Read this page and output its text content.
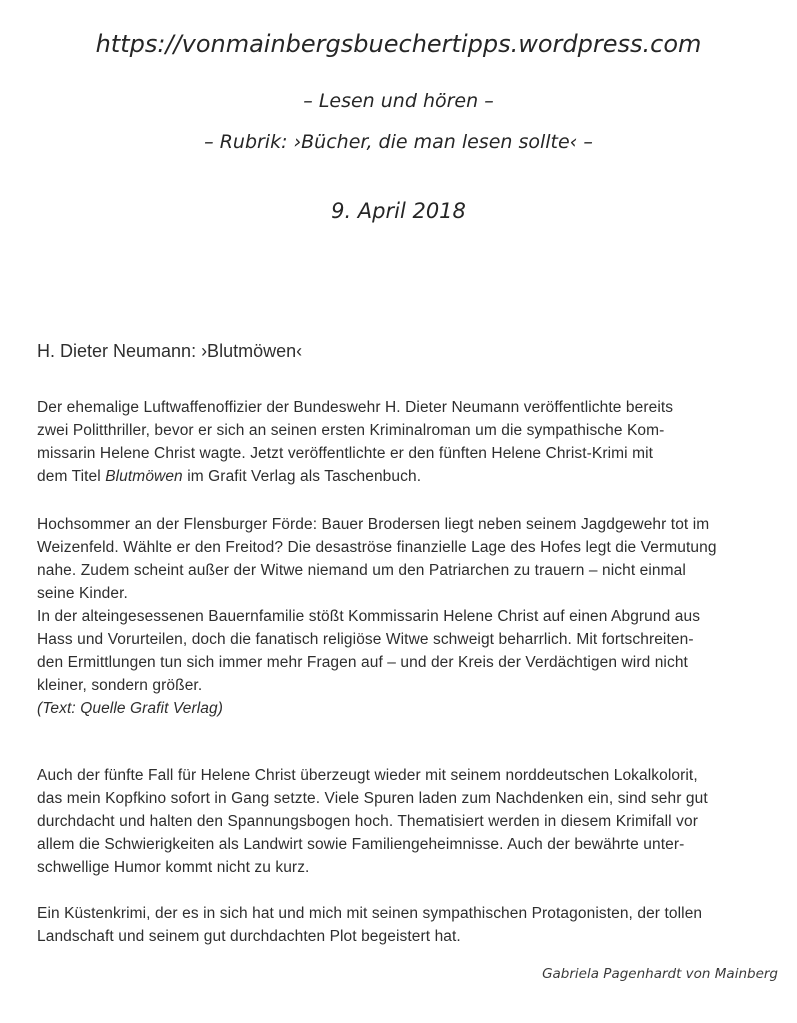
https://vonmainbergsbuechertipps.wordpress.com
– Lesen und hören –
– Rubrik: ›Bücher, die man lesen sollte‹ –
9. April 2018
H. Dieter Neumann: ›Blutmöwen‹
Der ehemalige Luftwaffenoffizier der Bundeswehr H. Dieter Neumann veröffentlichte bereits
zwei Politthriller, bevor er sich an seinen ersten Kriminalroman um die sympathische Kom-
missarin Helene Christ wagte. Jetzt veröffentlichte er den fünften Helene Christ-Krimi mit
dem Titel Blutmöwen im Grafit Verlag als Taschenbuch.
Hochsommer an der Flensburger Förde: Bauer Brodersen liegt neben seinem Jagdgewehr tot im
Weizenfeld. Wählte er den Freitod? Die desaströse finanzielle Lage des Hofes legt die Vermutung
nahe. Zudem scheint außer der Witwe niemand um den Patriarchen zu trauern – nicht einmal
seine Kinder.
In der alteingesessenen Bauernfamilie stößt Kommissarin Helene Christ auf einen Abgrund aus
Hass und Vorurteilen, doch die fanatisch religiöse Witwe schweigt beharrlich. Mit fortschreiten-
den Ermittlungen tun sich immer mehr Fragen auf – und der Kreis der Verdächtigen wird nicht
kleiner, sondern größer.
(Text: Quelle Grafit Verlag)
Auch der fünfte Fall für Helene Christ überzeugt wieder mit seinem norddeutschen Lokalkolorit,
das mein Kopfkino sofort in Gang setzte. Viele Spuren laden zum Nachdenken ein, sind sehr gut
durchdacht und halten den Spannungsbogen hoch. Thematisiert werden in diesem Krimifall vor
allem die Schwierigkeiten als Landwirt sowie Familiengeheimnisse. Auch der bewährte unter-
schwellige Humor kommt nicht zu kurz.
Ein Küstenkrimi, der es in sich hat und mich mit seinen sympathischen Protagonisten, der tollen
Landschaft und seinem gut durchdachten Plot begeistert hat.
Gabriela Pagenhardt von Mainberg
